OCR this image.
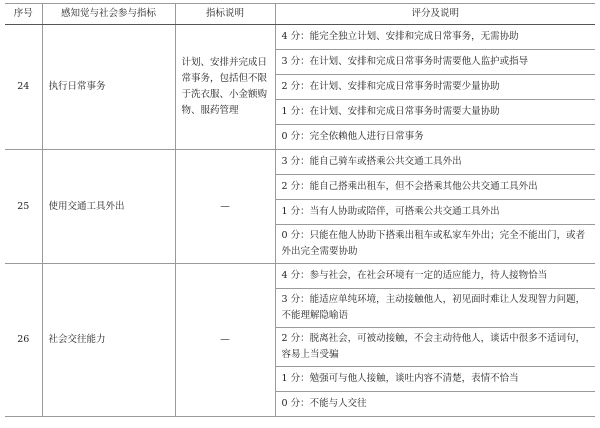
序号	感知觉与社会参与指标	指标说明	评分及说明
24	执行日常事务	计划、安排并完成日常事务，包括但不限于洗衣服、小金额购物、服药管理	4 分：能完全独立计划、安排和完成日常事务，无需协助
			3 分：在计划、安排和完成日常事务时需要他人监护或指导
			2 分：在计划、安排和完成日常事务时需要少量协助
			1 分：在计划、安排和完成日常事务时需要大量协助
			0 分：完全依赖他人进行日常事务
25	使用交通工具外出	—	3 分：能自己骑车或搭乘公共交通工具外出
			2 分：能自己搭乘出租车，但不会搭乘其他公共交通工具外出
			1 分：当有人协助或陪伴，可搭乘公共交通工具外出
			0 分：只能在他人协助下搭乘出租车或私家车外出；完全不能出门，或者外出完全需要协助
26	社会交往能力	—	4 分：参与社会，在社会环境有一定的适应能力，待人接物恰当
			3 分：能适应单纯环境，主动接触他人，初见面时难让人发现智力问题，不能理解隐喻语
			2 分：脱离社会，可被动接触，不会主动待他人，谈话中很多不适词句，容易上当受骗
			1 分：勉强可与他人接触，谈吐内容不清楚，表情不恰当
			0 分：不能与人交往
